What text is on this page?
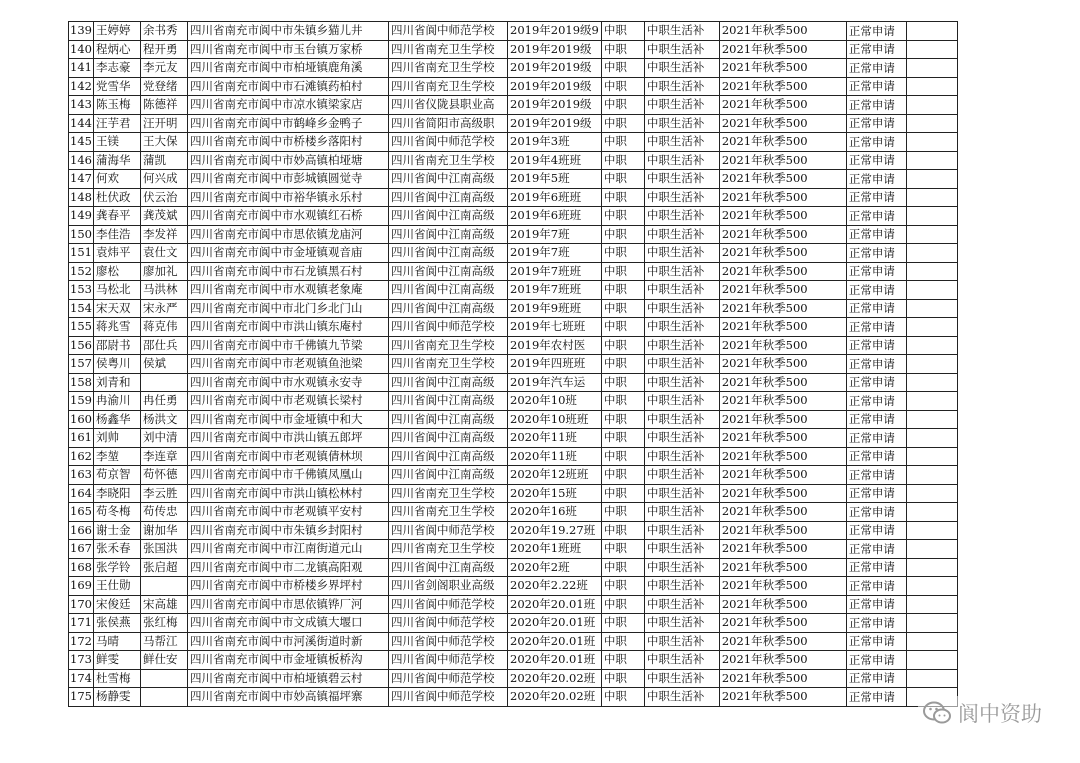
139	王婷婷	余书秀	四川省南充市阆中市朱镇乡猫儿井	四川省阆中师范学校	2019年2019级9	中职	中职生活补	2021年秋季500	正常申请	
140	程炳心	程开勇	四川省南充市阆中市玉台镇万家桥	四川省南充卫生学校	2019年2019级	中职	中职生活补	2021年秋季500	正常申请	
141	李志豪	李元友	四川省南充市阆中市柏垭镇鹿角溪	四川省南充卫生学校	2019年2019级	中职	中职生活补	2021年秋季500	正常申请	
142	党雪华	党登绪	四川省南充市阆中市石滩镇药柏村	四川省南充卫生学校	2019年2019级	中职	中职生活补	2021年秋季500	正常申请	
143	陈玉梅	陈德祥	四川省南充市阆中市凉水镇梁家店	四川省仪陇县职业高	2019年2019级	中职	中职生活补	2021年秋季500	正常申请	
144	汪芋君	汪开明	四川省南充市阆中市鹤峰乡金鸭子	四川省简阳市高级职	2019年2019级	中职	中职生活补	2021年秋季500	正常申请	
145	王镁	王大保	四川省南充市阆中市桥楼乡落阳村	四川省阆中师范学校	2019年3班	中职	中职生活补	2021年秋季500	正常申请	
146	蒲海华	蒲凯	四川省南充市阆中市妙高镇柏垭塘	四川省南充卫生学校	2019年4班班	中职	中职生活补	2021年秋季500	正常申请	
147	何欢	何兴成	四川省南充市阆中市彭城镇圆觉寺	四川省阆中江南高级	2019年5班	中职	中职生活补	2021年秋季500	正常申请	
148	杜伏政	伏云治	四川省南充市阆中市裕华镇永乐村	四川省阆中江南高级	2019年6班班	中职	中职生活补	2021年秋季500	正常申请	
149	龚春平	龚茂斌	四川省南充市阆中市水观镇红石桥	四川省阆中江南高级	2019年6班班	中职	中职生活补	2021年秋季500	正常申请	
150	李佳浩	李发祥	四川省南充市阆中市思依镇龙庙河	四川省阆中江南高级	2019年7班	中职	中职生活补	2021年秋季500	正常申请	
151	袁炜平	袁仕文	四川省南充市阆中市金垭镇观音庙	四川省阆中江南高级	2019年7班	中职	中职生活补	2021年秋季500	正常申请	
152	廖松	廖加礼	四川省南充市阆中市石龙镇黑石村	四川省阆中江南高级	2019年7班班	中职	中职生活补	2021年秋季500	正常申请	
153	马松北	马洪林	四川省南充市阆中市水观镇老象庵	四川省阆中江南高级	2019年7班班	中职	中职生活补	2021年秋季500	正常申请	
154	宋天双	宋永严	四川省南充市阆中市北门乡北门山	四川省阆中江南高级	2019年9班班	中职	中职生活补	2021年秋季500	正常申请	
155	蒋兆雪	蒋克伟	四川省南充市阆中市洪山镇东庵村	四川省阆中师范学校	2019年七班班	中职	中职生活补	2021年秋季500	正常申请	
156	邵尉书	邵仕兵	四川省南充市阆中市千佛镇九节梁	四川省南充卫生学校	2019年农村医	中职	中职生活补	2021年秋季500	正常申请	
157	侯粤川	侯斌	四川省南充市阆中市老观镇鱼池梁	四川省南充卫生学校	2019年四班班	中职	中职生活补	2021年秋季500	正常申请	
158	刘青和		四川省南充市阆中市水观镇永安寺	四川省阆中江南高级	2019年汽车运	中职	中职生活补	2021年秋季500	正常申请	
159	冉渝川	冉任勇	四川省南充市阆中市老观镇长梁村	四川省阆中江南高级	2020年10班	中职	中职生活补	2021年秋季500	正常申请	
160	杨鑫华	杨洪文	四川省南充市阆中市金垭镇中和大	四川省阆中江南高级	2020年10班班	中职	中职生活补	2021年秋季500	正常申请	
161	刘帅	刘中清	四川省南充市阆中市洪山镇五郎坪	四川省阆中江南高级	2020年11班	中职	中职生活补	2021年秋季500	正常申请	
162	李堃	李连章	四川省南充市阆中市老观镇倩林坝	四川省阆中江南高级	2020年11班	中职	中职生活补	2021年秋季500	正常申请	
163	苟京智	苟怀德	四川省南充市阆中市千佛镇凤凰山	四川省阆中江南高级	2020年12班班	中职	中职生活补	2021年秋季500	正常申请	
164	李晓阳	李云胜	四川省南充市阆中市洪山镇松林村	四川省南充卫生学校	2020年15班	中职	中职生活补	2021年秋季500	正常申请	
165	苟冬梅	苟传忠	四川省南充市阆中市老观镇平安村	四川省南充卫生学校	2020年16班	中职	中职生活补	2021年秋季500	正常申请	
166	谢士金	谢加华	四川省南充市阆中市朱镇乡封阳村	四川省阆中师范学校	2020年19.27班	中职	中职生活补	2021年秋季500	正常申请	
167	张禾春	张国洪	四川省南充市阆中市江南街道元山	四川省南充卫生学校	2020年1班班	中职	中职生活补	2021年秋季500	正常申请	
168	张学铃	张启超	四川省南充市阆中市二龙镇高阳观	四川省阆中江南高级	2020年2班	中职	中职生活补	2021年秋季500	正常申请	
169	王仕勋		四川省南充市阆中市桥楼乡界坪村	四川省剑阁职业高级	2020年2.22班	中职	中职生活补	2021年秋季500	正常申请	
170	宋俊廷	宋高雄	四川省南充市阆中市思依镇铧厂河	四川省阆中师范学校	2020年20.01班	中职	中职生活补	2021年秋季500	正常申请	
171	张侯燕	张红梅	四川省南充市阆中市文成镇大堰口	四川省阆中师范学校	2020年20.01班	中职	中职生活补	2021年秋季500	正常申请	
172	马晴	马帮江	四川省南充市阆中市河溪街道时新	四川省阆中师范学校	2020年20.01班	中职	中职生活补	2021年秋季500	正常申请	
173	鲜雯	鲜仕安	四川省南充市阆中市金垭镇板桥沟	四川省阆中师范学校	2020年20.01班	中职	中职生活补	2021年秋季500	正常申请	
174	杜雪梅		四川省南充市阆中市柏垭镇碧云村	四川省阆中师范学校	2020年20.02班	中职	中职生活补	2021年秋季500	正常申请	
175	杨静雯		四川省南充市阆中市妙高镇福坪寨	四川省阆中师范学校	2020年20.02班	中职	中职生活补	2021年秋季500	正常申请	
阆中资助
